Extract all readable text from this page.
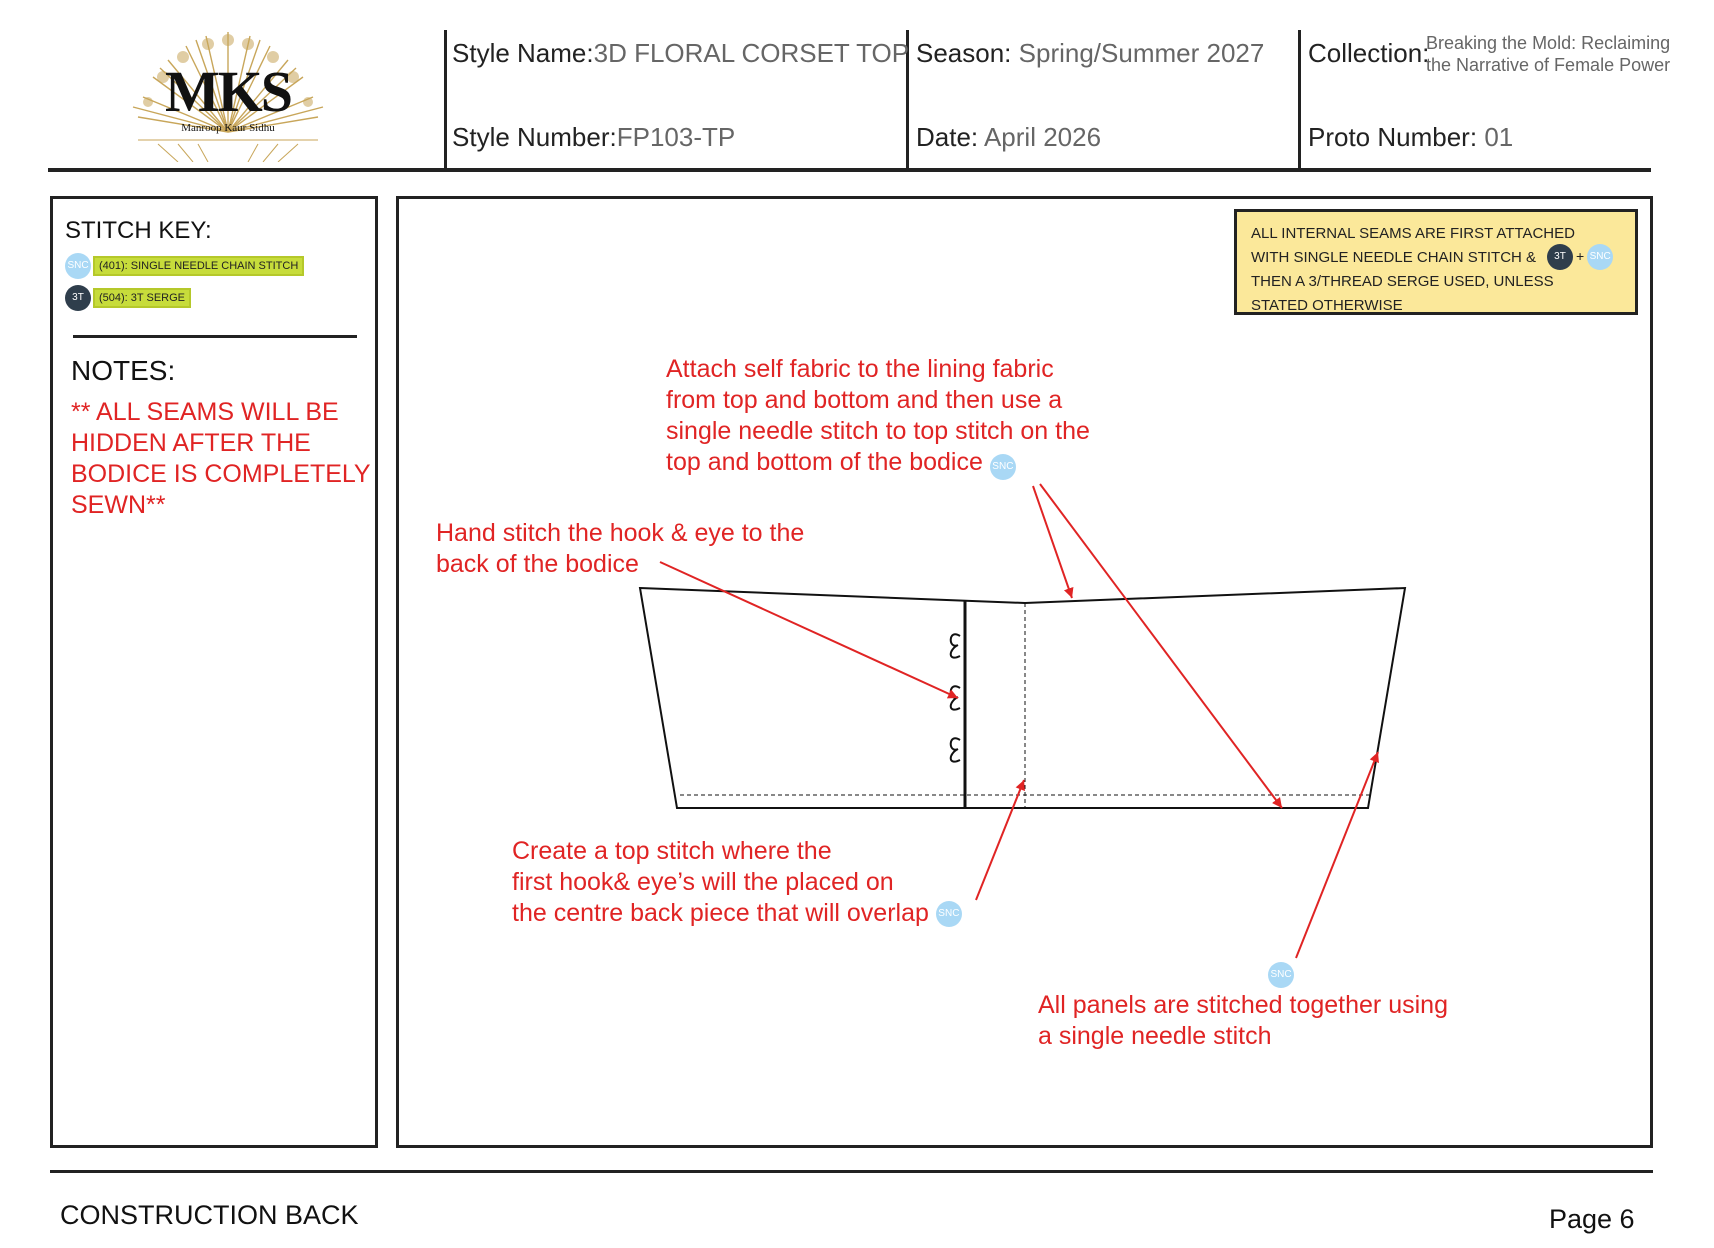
MKS
Manroop Kaur Sidhu
Style Name:3D FLORAL CORSET TOP
Style Number:FP103-TP
Season: Spring/Summer 2027
Date: April 2026
Collection:
Breaking the Mold: Reclaiming
the Narrative of Female Power
Proto Number: 01
STITCH KEY:
SNC (401): SINGLE NEEDLE CHAIN STITCH
3T (504): 3T SERGE
NOTES:
** ALL SEAMS WILL BE
HIDDEN AFTER THE
BODICE IS COMPLETELY
SEWN**
ALL INTERNAL SEAMS ARE FIRST ATTACHED
WITH SINGLE NEEDLE CHAIN STITCH &
THEN A 3/THREAD SERGE USED, UNLESS
STATED OTHERWISE
3T + SNC
Attach self fabric to the lining fabric
from top and bottom and then use a
single needle stitch to top stitch on the
top and bottom of the bodice SNC
Hand stitch the hook & eye to the
back of the bodice
Create a top stitch where the
first hook& eye’s will the placed on
the centre back piece that will overlap SNC
SNC
All panels are stitched together using
a single needle stitch
CONSTRUCTION BACK	Page 6
